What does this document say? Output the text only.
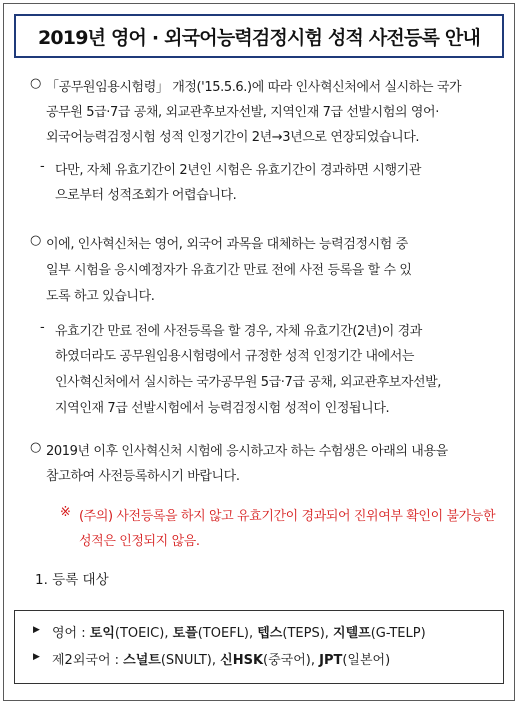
2019년 영어 · 외국어능력검정시험 성적 사전등록 안내
○ 「공무원임용시험령」 개정('15.5.6.)에 따라 인사혁신처에서 실시하는 국가
공무원 5급·7급 공채, 외교관후보자선발, 지역인재 7급 선발시험의 영어·
외국어능력검정시험 성적 인정기간이 2년→3년으로 연장되었습니다.
- 다만, 자체 유효기간이 2년인 시험은 유효기간이 경과하면 시행기관
으로부터 성적조회가 어렵습니다.
○ 이에, 인사혁신처는 영어, 외국어 과목을 대체하는 능력검정시험 중
일부 시험을 응시예정자가 유효기간 만료 전에 사전 등록을 할 수 있
도록 하고 있습니다.
- 유효기간 만료 전에 사전등록을 할 경우, 자체 유효기간(2년)이 경과
하였더라도 공무원임용시험령에서 규정한 성적 인정기간 내에서는
인사혁신처에서 실시하는 국가공무원 5급·7급 공채, 외교관후보자선발,
지역인재 7급 선발시험에서 능력검정시험 성적이 인정됩니다.
○ 2019년 이후 인사혁신처 시험에 응시하고자 하는 수험생은 아래의 내용을
참고하여 사전등록하시기 바랍니다.
※ (주의) 사전등록을 하지 않고 유효기간이 경과되어 진위여부 확인이 불가능한
성적은 인정되지 않음.
1. 등록 대상
▶ 영어 : 토익(TOEIC), 토플(TOEFL), 텝스(TEPS), 지텔프(G-TELP)
▶ 제2외국어 : 스널트(SNULT), 신HSK(중국어), JPT(일본어)
